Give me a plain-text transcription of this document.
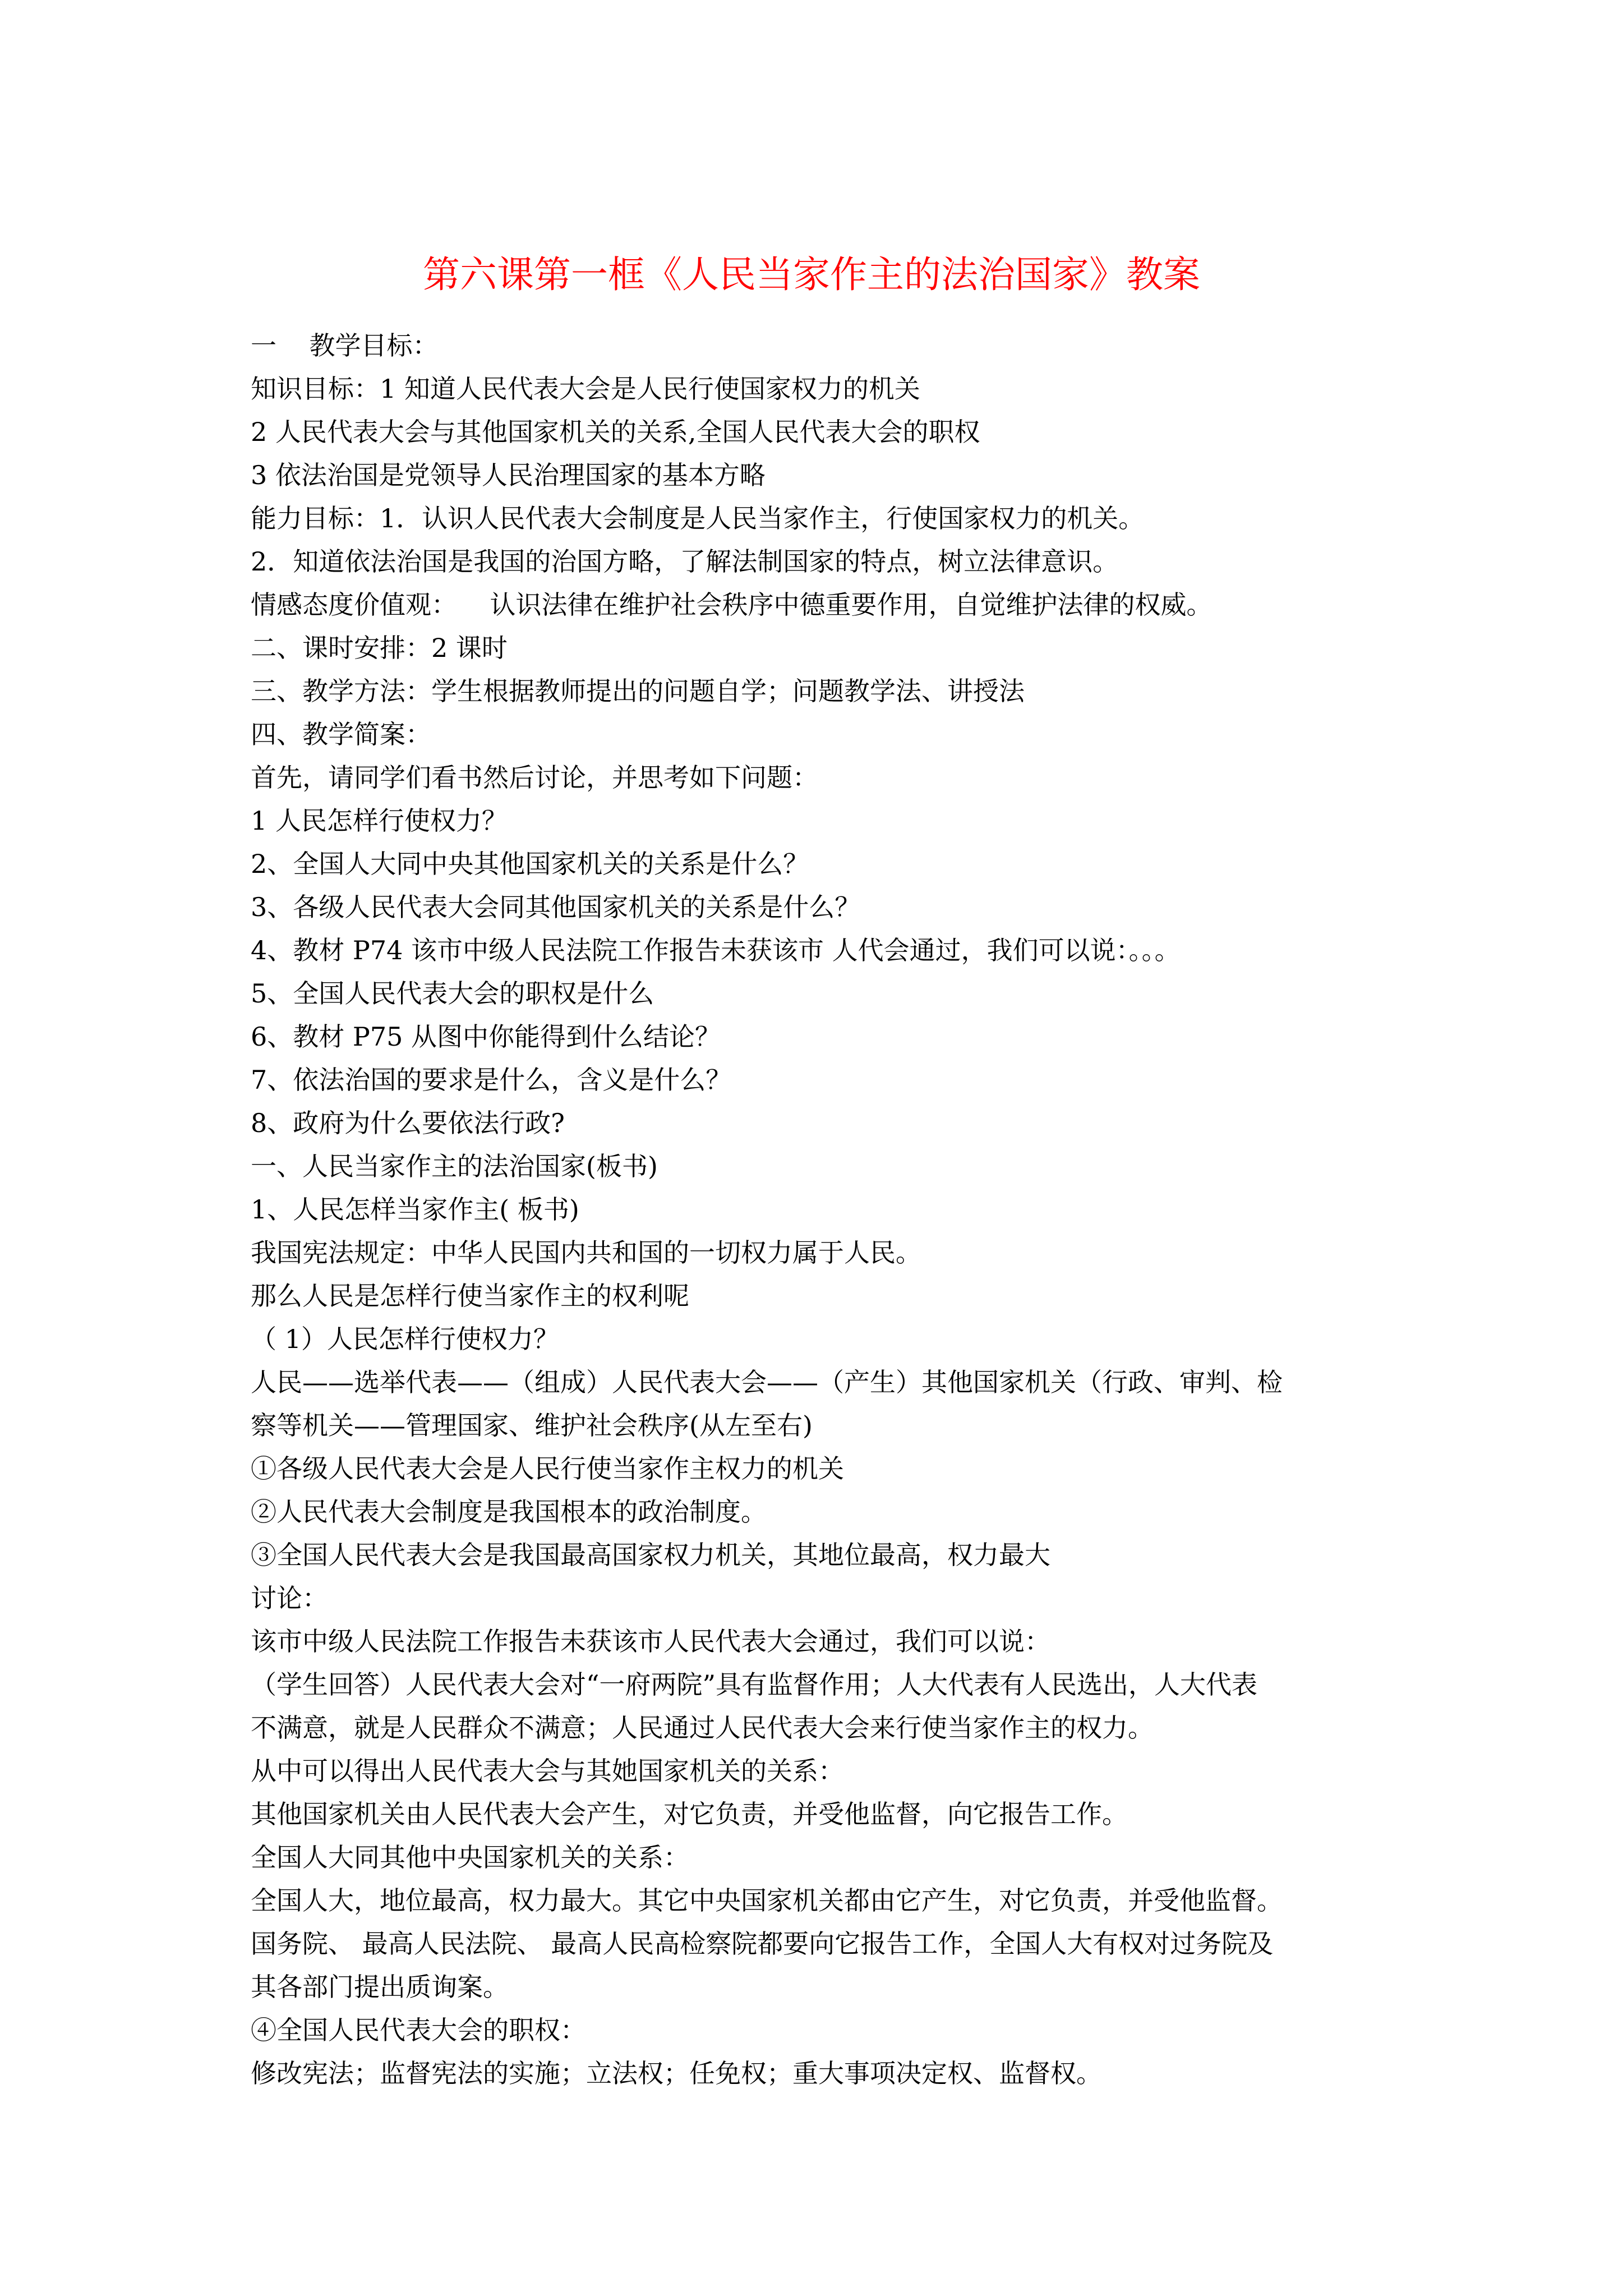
第六课第一框《人民当家作主的法治国家》教案
一    教学目标：
知识目标：1 知道人民代表大会是人民行使国家权力的机关
2 人民代表大会与其他国家机关的关系,全国人民代表大会的职权
3 依法治国是党领导人民治理国家的基本方略
能力目标：1．认识人民代表大会制度是人民当家作主，行使国家权力的机关。
2．知道依法治国是我国的治国方略，了解法制国家的特点，树立法律意识。
情感态度价值观：    认识法律在维护社会秩序中德重要作用，自觉维护法律的权威。
二、课时安排：2 课时
三、教学方法：学生根据教师提出的问题自学；问题教学法、讲授法
四、教学简案：
首先，请同学们看书然后讨论，并思考如下问题：
1 人民怎样行使权力？
2、全国人大同中央其他国家机关的关系是什么？
3、各级人民代表大会同其他国家机关的关系是什么？
4、教材 P74 该市中级人民法院工作报告未获该市 人代会通过，我们可以说：。。。
5、全国人民代表大会的职权是什么
6、教材 P75 从图中你能得到什么结论？
7、依法治国的要求是什么，含义是什么？
8、政府为什么要依法行政?
一、人民当家作主的法治国家(板书)
1、人民怎样当家作主( 板书)
我国宪法规定：中华人民国内共和国的一切权力属于人民。
那么人民是怎样行使当家作主的权利呢
（ 1）人民怎样行使权力？
人民——选举代表——（组成）人民代表大会——（产生）其他国家机关（行政、审判、检
察等机关——管理国家、维护社会秩序(从左至右)
①各级人民代表大会是人民行使当家作主权力的机关
②人民代表大会制度是我国根本的政治制度。
③全国人民代表大会是我国最高国家权力机关，其地位最高，权力最大
讨论：
该市中级人民法院工作报告未获该市人民代表大会通过，我们可以说：
（学生回答）人民代表大会对“一府两院”具有监督作用；人大代表有人民选出，人大代表
不满意，就是人民群众不满意；人民通过人民代表大会来行使当家作主的权力。
从中可以得出人民代表大会与其她国家机关的关系：
其他国家机关由人民代表大会产生，对它负责，并受他监督，向它报告工作。
全国人大同其他中央国家机关的关系：
全国人大，地位最高，权力最大。其它中央国家机关都由它产生，对它负责，并受他监督。
国务院、 最高人民法院、 最高人民高检察院都要向它报告工作，全国人大有权对过务院及
其各部门提出质询案。
④全国人民代表大会的职权：
修改宪法；监督宪法的实施；立法权；任免权；重大事项决定权、监督权。
